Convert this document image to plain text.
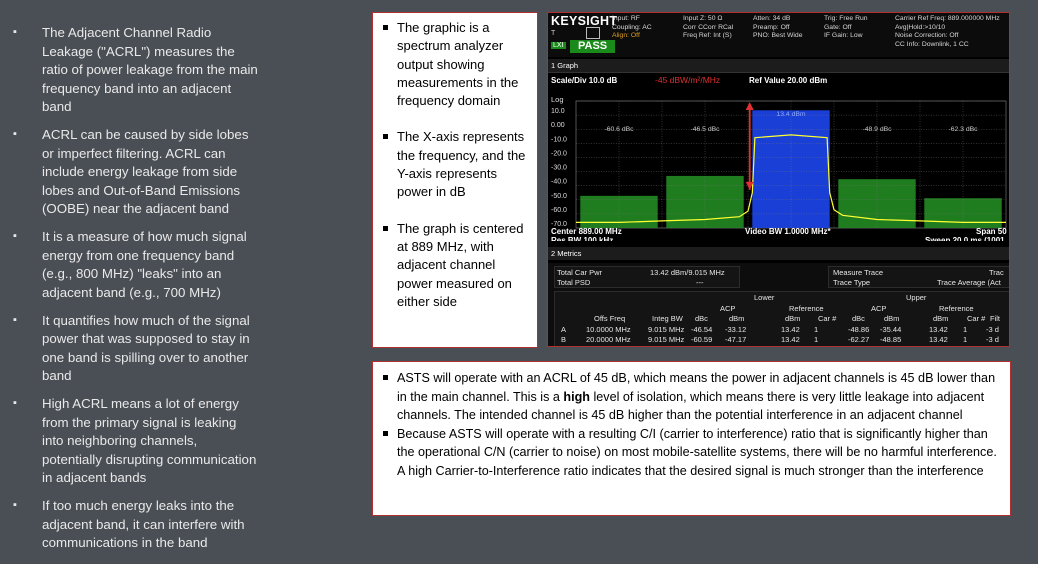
▪ The Adjacent Channel Radio Leakage ("ACRL") measures the ratio of power leakage from the main frequency band into an adjacent band
▪ ACRL can be caused by side lobes or imperfect filtering. ACRL can include energy leakage from side lobes and Out-of-Band Emissions (OOBE) near the adjacent band
▪ It is a measure of how much signal energy from one frequency band (e.g., 800 MHz) "leaks" into an adjacent band (e.g., 700 MHz)
▪ It quantifies how much of the signal power that was supposed to stay in one band is spilling over to another band
▪ High ACRL means a lot of energy from the primary signal is leaking into neighboring channels, potentially disrupting communication in adjacent bands
▪ If too much energy leaks into the adjacent band, it can interfere with communications in the band
The graphic is a spectrum analyzer output showing measurements in the frequency domain
The X-axis represents the frequency, and the Y-axis represents power in dB
The graph is centered at 889 MHz, with adjacent channel power measured on either side
KEYSIGHT
T
LXI	PASS
Input: RF
Coupling: AC
Align: Off
Input Z: 50 Ω
Corr CCorr RCal
Freq Ref: Int (S)
Atten: 34 dB
Preamp: Off
PNO: Best Wide
Trig: Free Run
Gate: Off
IF Gain: Low
Carrier Ref Freq: 889.000000 MHz
Avg|Hold:>10/10
Noise Correction: Off
CC Info: Downlink, 1 CC
1 Graph
10.0
0.00
-10.0
-20.0
-30.0
-40.0
-50.0
-60.0
-70.0
Log
-60.6 dBc	-46.5 dBc
13.4 dBm
-48.9 dBc	-62.3 dBc
Scale/Div 10.0 dB	-45 dBW/m²/MHz	Ref Value 20.00 dBm
Center 889.00 MHz
Res BW 100 kHz
Video BW 1.0000 MHz*	Span 50
Sweep 20.0 ms (1001
2 Metrics
Total Car Pwr	13.42 dBm/9.015 MHz
Total PSD	---
Measure Trace	Trac
Trace Type	Trace Average (Act
Lower	Upper
ACP	Reference	ACP	Reference
Offs Freq	Integ BW dBc	dBm	dBm Car # dBc	dBm	dBm Car # Filt
A	10.0000 MHz 9.015 MHz -46.54 -33.12	13.42 1	-48.86 -35.44	13.42 1	-3 d
B	20.0000 MHz 9.015 MHz -60.59 -47.17	13.42 1	-62.27 -48.85	13.42 1	-3 d
ASTS will operate with an ACRL of 45 dB, which means the power in adjacent channels is 45 dB lower than in the main channel. This is a high level of isolation, which means there is very little leakage into adjacent channels. The intended channel is 45 dB higher than the potential interference in an adjacent channel
Because ASTS will operate with a resulting C/I (carrier to interference) ratio that is significantly higher than the operational C/N (carrier to noise) on most mobile-satellite systems, there will be no harmful interference. A high Carrier-to-Interference ratio indicates that the desired signal is much stronger than the interference
